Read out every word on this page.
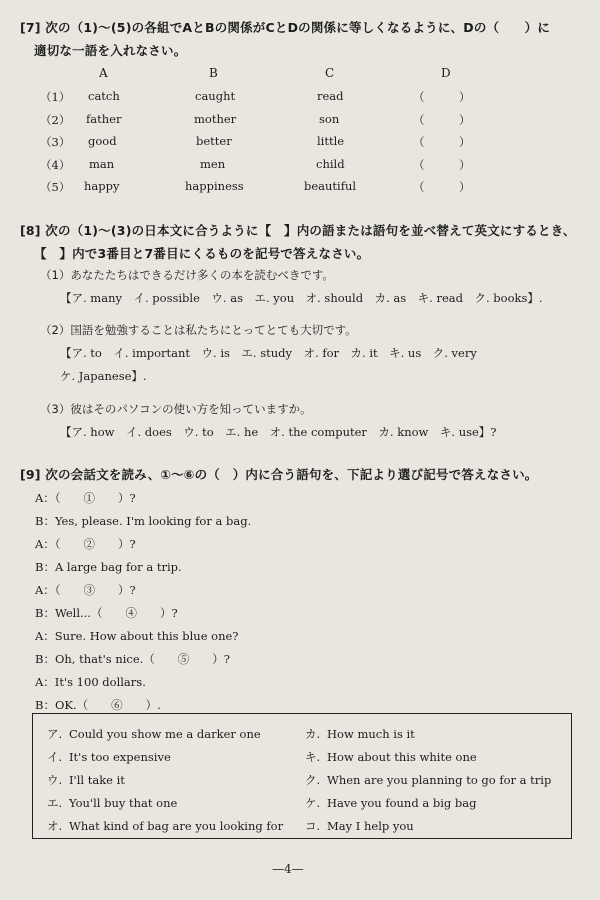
[7] 次の（1)～(5)の各組でAとBの関係がCとDの関係に等しくなるように、Dの（　　）に
適切な一語を入れなさい。
A	B	C	D
（1） catch	caught	read	（　　　）
（2） father	mother	son	（　　　）
（3） good	better	little	（　　　）
（4） man	men	child	（　　　）
（5） happy	happiness	beautiful	（　　　）
[8] 次の（1)～(3)の日本文に合うように【　】内の語または語句を並べ替えて英文にするとき、
【　】内で3番目と7番目にくるものを記号で答えなさい。
（1）あなたたちはできるだけ多くの本を読むべきです。
【ア. many　イ. possible　ウ. as　エ. you　オ. should　カ. as　キ. read　ク. books】.
（2）国語を勉強することは私たちにとってとても大切です。
【ア. to　イ. important　ウ. is　エ. study　オ. for　カ. it　キ. us　ク. very
ケ. Japanese】.
（3）彼はそのパソコンの使い方を知っていますか。
【ア. how　イ. does　ウ. to　エ. he　オ. the computer　カ. know　キ. use】?
[9] 次の会話文を読み、①～⑥の（　）内に合う語句を、下記より選び記号で答えなさい。
A：（　　①　　）?
B：Yes, please. I'm looking for a bag.
A：（　　②　　）?
B：A large bag for a trip.
A：（　　③　　）?
B：Well...（　　④　　）?
A：Sure. How about this blue one?
B：Oh, that's nice.（　　⑤　　）?
A：It's 100 dollars.
B：OK.（　　⑥　　）.
ア. Could you show me a darker one
イ. It's too expensive
ウ. I'll take it
エ. You'll buy that one
オ. What kind of bag are you looking for
カ. How much is it
キ. How about this white one
ク. When are you planning to go for a trip
ケ. Have you found a big bag
コ. May I help you
—4—
